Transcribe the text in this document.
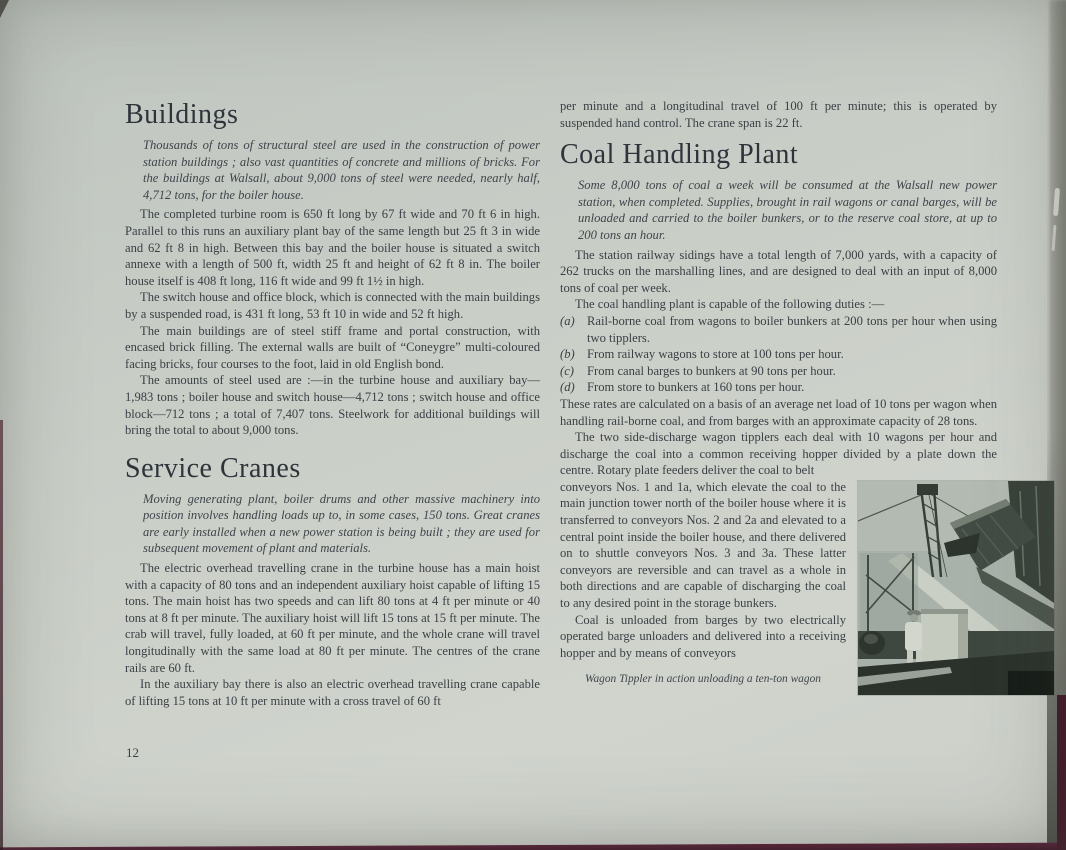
Buildings

Thousands of tons of structural steel are used in the construction of power station buildings ; also vast quantities of concrete and millions of bricks. For the buildings at Walsall, about 9,000 tons of steel were needed, nearly half, 4,712 tons, for the boiler house.

The completed turbine room is 650 ft long by 67 ft wide and 70 ft 6 in high. Parallel to this runs an auxiliary plant bay of the same length but 25 ft 3 in wide and 62 ft 8 in high. Between this bay and the boiler house is situated a switch annexe with a length of 500 ft, width 25 ft and height of 62 ft 8 in. The boiler house itself is 408 ft long, 116 ft wide and 99 ft 1½ in high.

The switch house and office block, which is connected with the main buildings by a suspended road, is 431 ft long, 53 ft 10 in wide and 52 ft high.

The main buildings are of steel stiff frame and portal construction, with encased brick filling. The external walls are built of “Coneygre” multi-coloured facing bricks, four courses to the foot, laid in old English bond.

The amounts of steel used are :—in the turbine house and auxiliary bay—1,983 tons ; boiler house and switch house—4,712 tons ; switch house and office block—712 tons ; a total of 7,407 tons. Steelwork for additional buildings will bring the total to about 9,000 tons.

Service Cranes

Moving generating plant, boiler drums and other massive machinery into position involves handling loads up to, in some cases, 150 tons. Great cranes are early installed when a new power station is being built ; they are used for subsequent movement of plant and materials.

The electric overhead travelling crane in the turbine house has a main hoist with a capacity of 80 tons and an independent auxiliary hoist capable of lifting 15 tons. The main hoist has two speeds and can lift 80 tons at 4 ft per minute or 40 tons at 8 ft per minute. The auxiliary hoist will lift 15 tons at 15 ft per minute. The crab will travel, fully loaded, at 60 ft per minute, and the whole crane will travel longitudinally with the same load at 80 ft per minute. The centres of the crane rails are 60 ft.

In the auxiliary bay there is also an electric overhead travelling crane capable of lifting 15 tons at 10 ft per minute with a cross travel of 60 ft

per minute and a longitudinal travel of 100 ft per minute; this is operated by suspended hand control. The crane span is 22 ft.

Coal Handling Plant

Some 8,000 tons of coal a week will be consumed at the Walsall new power station, when completed. Supplies, brought in rail wagons or canal barges, will be unloaded and carried to the boiler bunkers, or to the reserve coal store, at up to 200 tons an hour.

The station railway sidings have a total length of 7,000 yards, with a capacity of 262 trucks on the marshalling lines, and are designed to deal with an input of 8,000 tons of coal per week.

The coal handling plant is capable of the following duties :—

(a) Rail-borne coal from wagons to boiler bunkers at 200 tons per hour when using two tipplers.
(b) From railway wagons to store at 100 tons per hour.
(c)	From canal barges to bunkers at 90 tons per hour.
(d) From store to bunkers at 160 tons per hour.

These rates are calculated on a basis of an average net load of 10 tons per wagon when handling rail-borne coal, and from barges with an approximate capacity of 28 tons.

The two side-discharge wagon tipplers each deal with 10 wagons per hour and discharge the coal into a common receiving hopper divided by a plate down the centre. Rotary plate feeders deliver the coal to belt

conveyors Nos. 1 and 1a, which elevate the coal to the main junction tower north of the boiler house where it is transferred to conveyors Nos. 2 and 2a and elevated to a central point inside the boiler house, and there delivered on to shuttle conveyors Nos. 3 and 3a. These latter conveyors are reversible and can travel as a whole in both directions and are capable of discharging the coal to any desired point in the storage bunkers.

Coal is unloaded from barges by two electrically operated barge unloaders and delivered into a receiving hopper and by means of conveyors

Wagon Tippler in action unloading a ten-ton wagon
12
